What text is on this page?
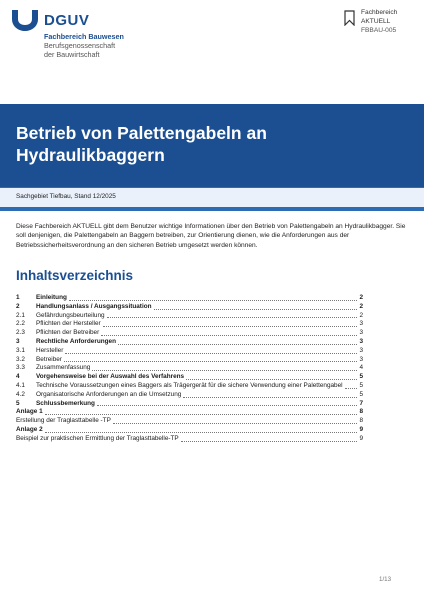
DGUV
Fachbereich Bauwesen
Berufsgenossenschaft
der Bauwirtschaft
Fachbereich
AKTUELL
FBBAU-005
Betrieb von Palettengabeln an Hydraulikbaggern
Sachgebiet Tiefbau, Stand 12/2025
Diese Fachbereich AKTUELL gibt dem Benutzer wichtige Informationen über den Betrieb von Palettengabeln an Hydraulikbagger. Sie soll denjenigen, die Palettengabeln an Baggern betreiben, zur Orientierung dienen, wie die Anforderungen aus der Betriebssicherheitsverordnung an den sicheren Betrieb umgesetzt werden können.
Inhaltsverzeichnis
1	Einleitung	2
2	Handlungsanlass / Ausgangssituation	2
2.1	Gefährdungsbeurteilung	2
2.2	Pflichten der Hersteller	3
2.3	Pflichten der Betreiber	3
3	Rechtliche Anforderungen	3
3.1	Hersteller	3
3.2	Betreiber	3
3.3	Zusammenfassung	4
4	Vorgehensweise bei der Auswahl des Verfahrens	5
4.1	Technische Voraussetzungen eines Baggers als Trägergerät für die sichere Verwendung einer Palettengabel	5
4.2	Organisatorische Anforderungen an die Umsetzung	5
5	Schlussbemerkung	7
Anlage 1	8
Erstellung der Traglasttabelle -TP	8
Anlage 2	9
Beispiel zur praktischen Ermittlung der Traglasttabelle-TP	9
1/13
